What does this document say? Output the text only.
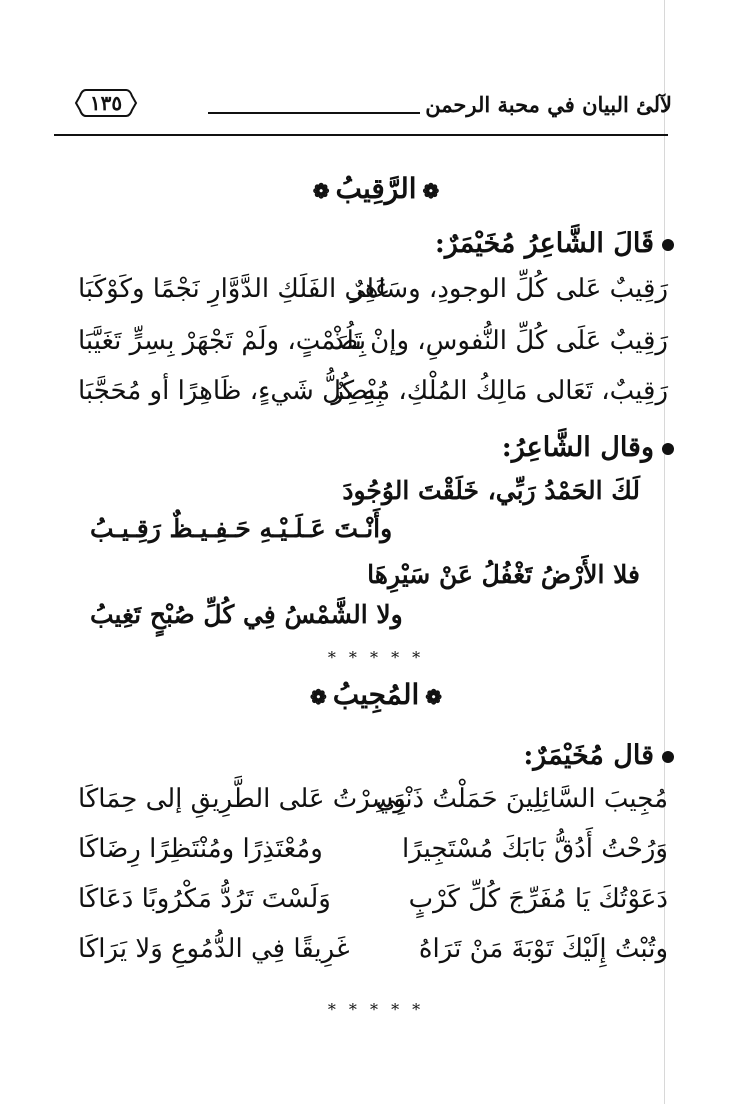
لآلئ البيان في محبة الرحمن
١٣٥
❁الرَّقِيبُ❁
قَالَ الشَّاعِرُ مُخَيْمَرٌ:
رَقِيبٌ عَلى كُلِّ الوجودِ، وسَاهِرٌ
عَلى الفَلَكِ الدَّوَّارِ نَجْمًا وكَوْكَبَا
رَقِيبٌ عَلَى كُلِّ النُّفوسِ، وإنْ تَلُذْ
بِصَمْتٍ، ولَمْ تَجْهَرْ بِسِرٍّ تَغَيَّبَا
رَقِيبٌ، تَعَالى مَالِكُ المُلْكِ، مُبْصِرٌ
بِهِ كُلُّ شَيءٍ، ظَاهِرًا أو مُحَجَّبَا
وقال الشَّاعِرُ:
لَكَ الحَمْدُ رَبِّي، خَلَقْتَ الوُجُودَ
وأَنْـتَ عَـلَـيْـهِ حَـفِـيـظٌ رَقِـيـبُ
فلا الأَرْضُ تَغْفُلُ عَنْ سَيْرِهَا
ولا الشَّمْسُ فِي كُلِّ صُبْحٍ تَغِيبُ
* * * * *
❁المُجِيبُ❁
قال مُخَيْمَرٌ:
مُجِيبَ السَّائِلِينَ حَمَلْتُ ذَنْبِي
وَسِرْتُ عَلى الطَّرِيقِ إلى حِمَاكَا
وَرُحْتُ أَدُقُّ بَابَكَ مُسْتَجِيرًا
ومُعْتَذِرًا ومُنْتَظِرًا رِضَاكَا
دَعَوْتُكَ يَا مُفَرِّجَ كُلِّ كَرْبٍ
وَلَسْتَ تَرُدُّ مَكْرُوبًا دَعَاكَا
وتُبْتُ إِلَيْكَ تَوْبَةَ مَنْ تَرَاهُ
غَرِيقًا فِي الدُّمُوعِ وَلا يَرَاكَا
* * * * *
